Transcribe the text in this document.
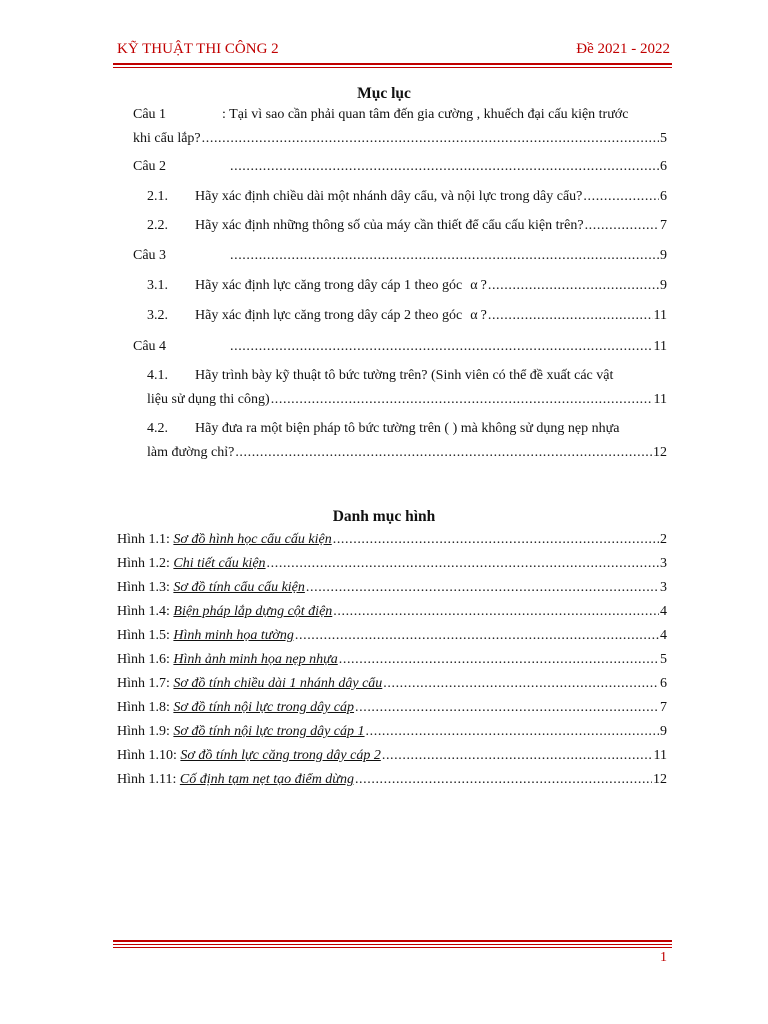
KỸ THUẬT THI CÔNG 2	Đề 2021 - 2022
Mục lục
Câu 1	: Tại vì sao cần phải quan tâm đến gia cường , khuếch đại cấu kiện trước
khi cẩu lắp? .....	5
Câu 2 .....	6
2.1. Hãy xác định chiều dài một nhánh dây cẩu, và nội lực trong dây cẩu? .....	6
2.2. Hãy xác định những thông số của máy cần thiết để cẩu cấu kiện trên? .....	7
Câu 3 .....	9
3.1. Hãy xác định lực căng trong dây cáp 1 theo góc α ? .....	9
3.2. Hãy xác định lực căng trong dây cáp 2 theo góc α ? .....	11
Câu 4 .....	11
4.1. Hãy trình bày kỹ thuật tô bức tường trên? (Sinh viên có thể đề xuất các vật
liệu sử dụng thi công) .....	11
4.2. Hãy đưa ra một biện pháp tô bức tường trên ( ) mà không sử dụng nẹp nhựa
làm đường chỉ? .....	12
Danh mục hình
Hình 1.1:
Sơ đồ hình học cẩu cấu kiện .....	2
Hình 1.2:
Chi tiết cấu kiện .....	3
Hình 1.3:
Sơ đồ tính cẩu cấu kiện .....	3
Hình 1.4:
Biện pháp lắp dựng cột điện .....	4
Hình 1.5:
Hình minh họa tường .....	4
Hình 1.6:
Hình ảnh minh họa nẹp nhựa .....	5
Hình 1.7:
Sơ đồ tính chiều dài 1 nhánh dây cẩu .....	6
Hình 1.8:
Sơ đồ tính nội lực trong dây cáp .....	7
Hình 1.9:
Sơ đồ tính nội lực trong dây cáp 1 .....	9
Hình 1.10:
Sơ đồ tính lực căng trong dây cáp 2 .....	11
Hình 1.11:
Cố định tạm nẹt tạo điểm dừng .....	12
1
